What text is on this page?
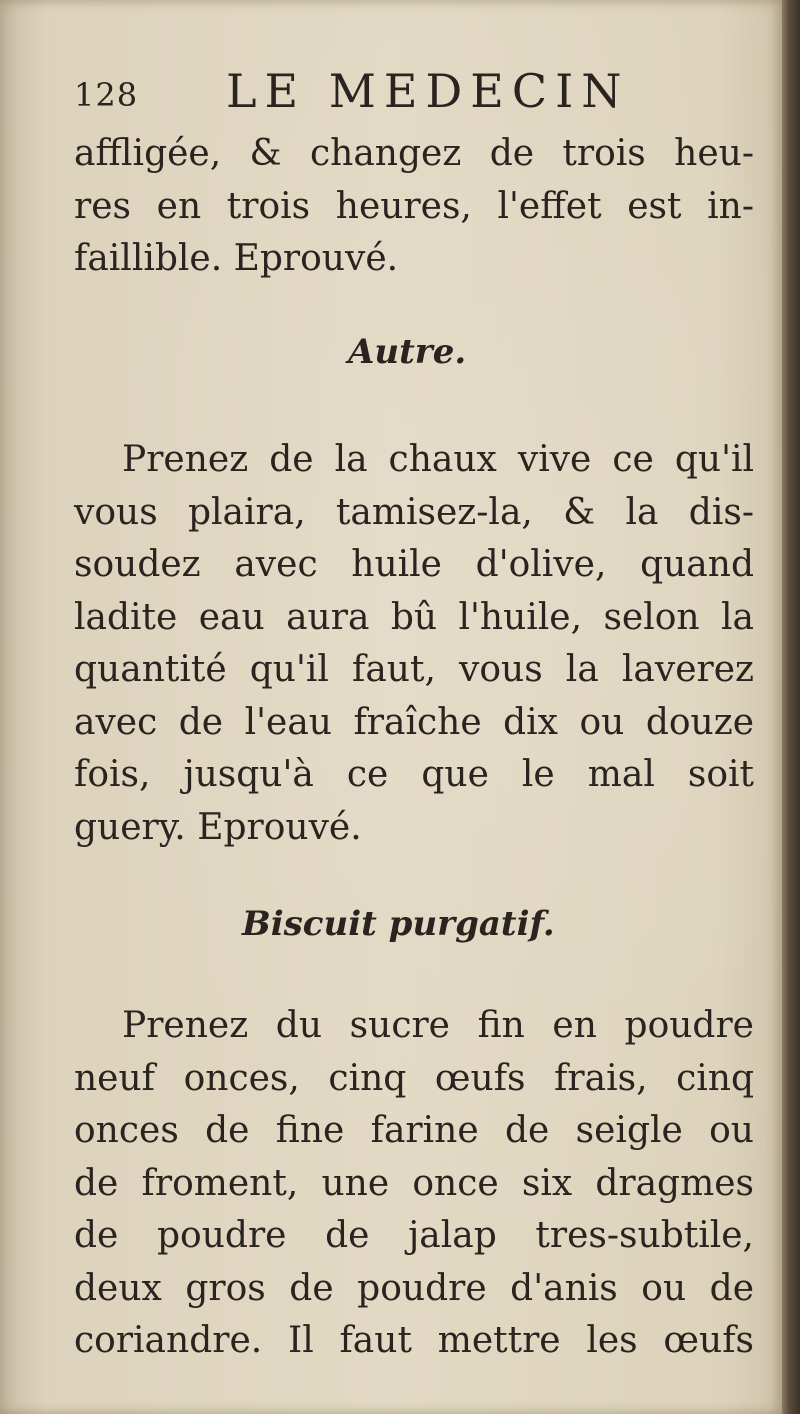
128 LE MEDECIN
affligée, & changez de trois heu-
res en trois heures, l'effet est in-
faillible. Eprouvé.
Autre.
Prenez de la chaux vive ce qu'il
vous plaira, tamisez-la, & la dis-
soudez avec huile d'olive, quand
ladite eau aura bû l'huile, selon la
quantité qu'il faut, vous la laverez
avec de l'eau fraîche dix ou douze
fois, jusqu'à ce que le mal soit
guery. Eprouvé.
Biscuit purgatif.
Prenez du sucre fin en poudre
neuf onces, cinq œufs frais, cinq
onces de fine farine de seigle ou
de froment, une once six dragmes
de poudre de jalap tres-subtile,
deux gros de poudre d'anis ou de
coriandre. Il faut mettre les œufs
